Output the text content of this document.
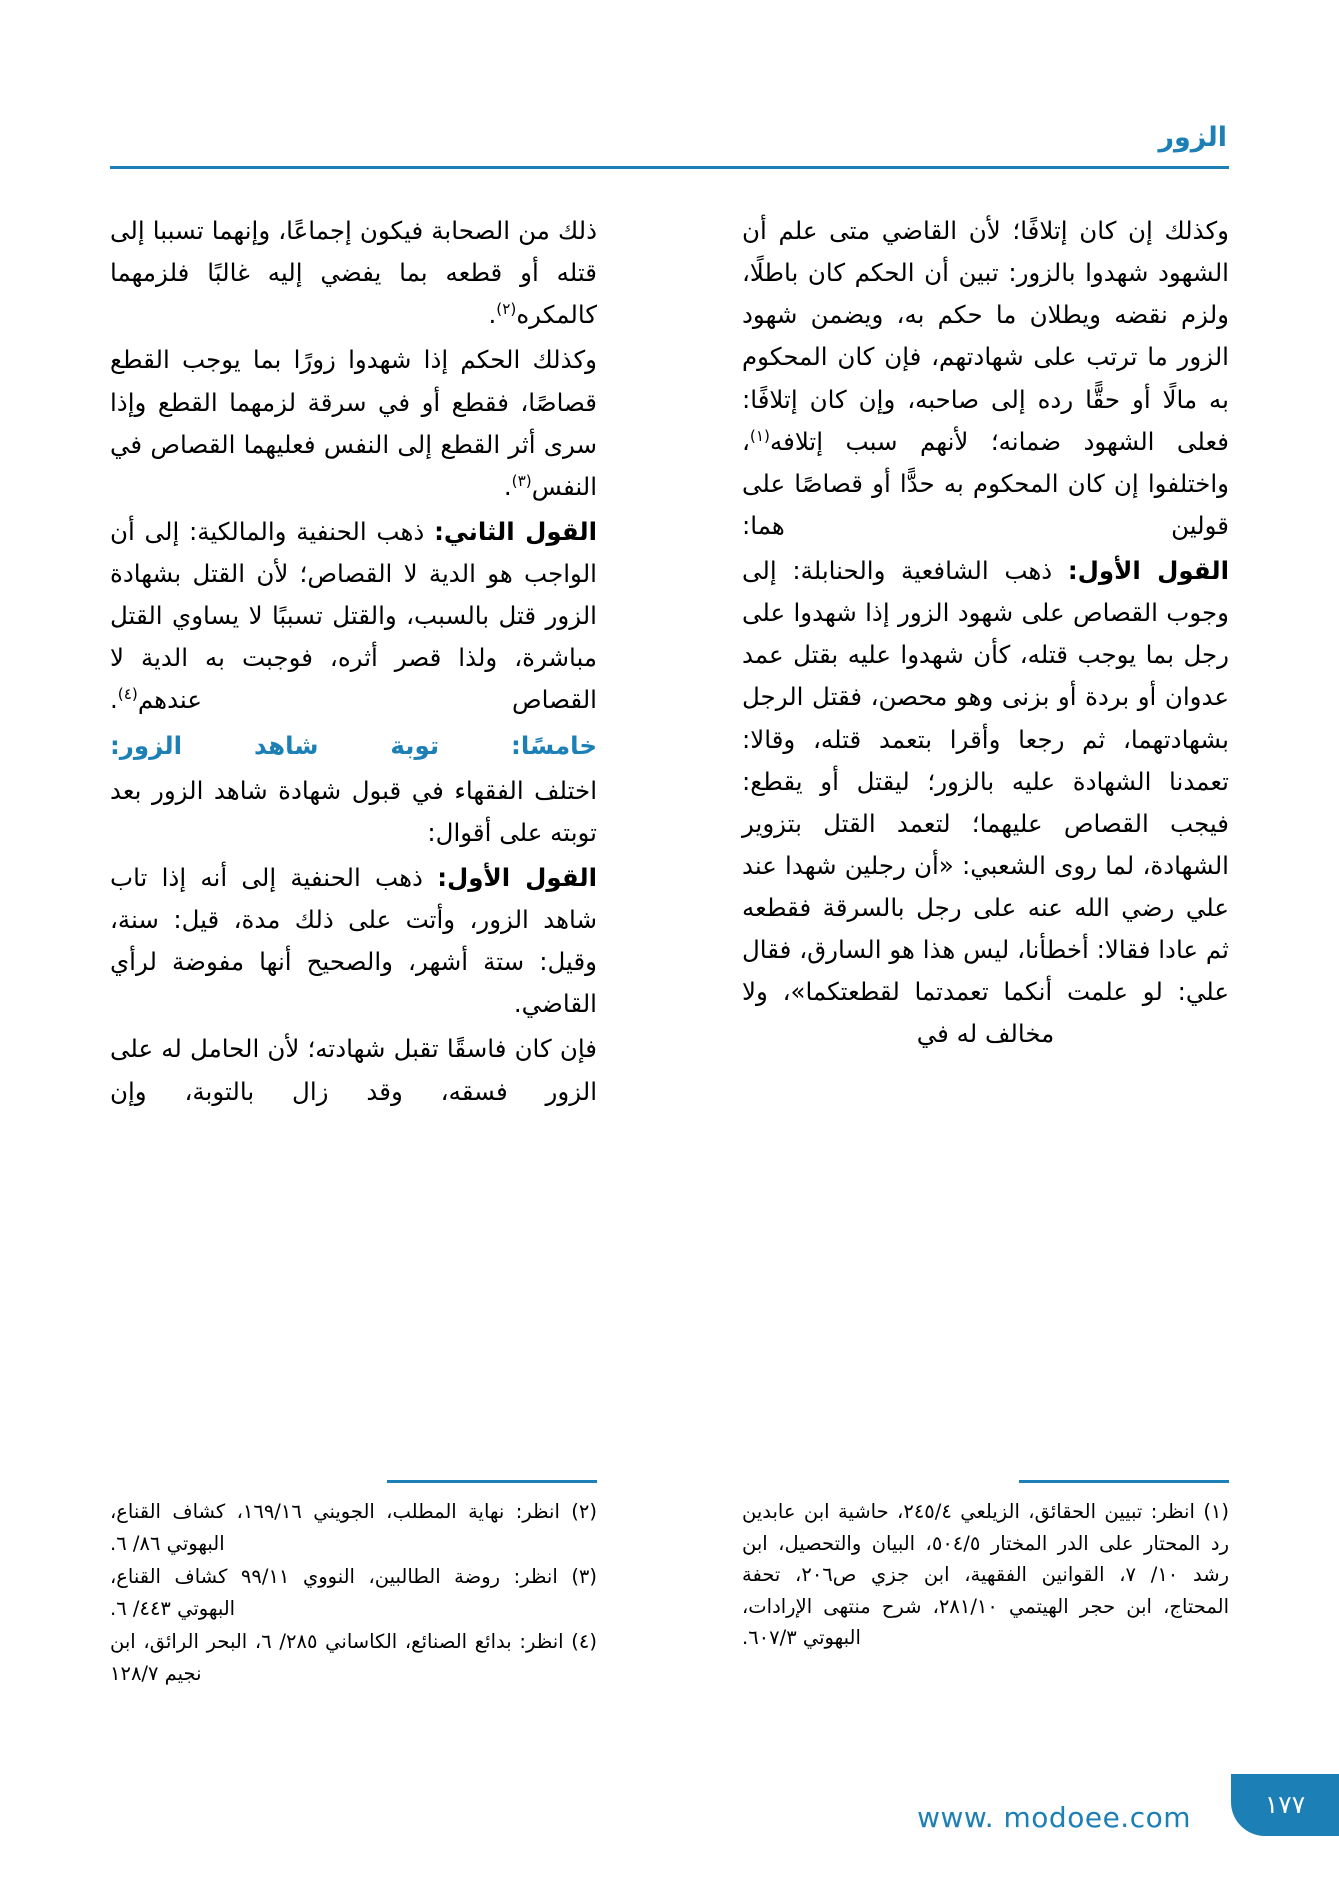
الزور

وكذلك إن كان إتلافًا؛ لأن القاضي متى علم أن الشهود شهدوا بالزور: تبين أن الحكم كان باطلًا، ولزم نقضه ويطلان ما حكم به، ويضمن شهود الزور ما ترتب على شهادتهم، فإن كان المحكوم به مالًا أو حقًّا رده إلى صاحبه، وإن كان إتلافًا: فعلى الشهود ضمانه؛ لأنهم سبب إتلافه$^{(١)}$، واختلفوا إن كان المحكوم به حدًّا أو قصاصًا على قولين هما:

القول الأول: ذهب الشافعية والحنابلة: إلى وجوب القصاص على شهود الزور إذا شهدوا على رجل بما يوجب قتله، كأن شهدوا عليه بقتل عمد عدوان أو بردة أو بزنى وهو محصن، فقتل الرجل بشهادتهما، ثم رجعا وأقرا بتعمد قتله، وقالا: تعمدنا الشهادة عليه بالزور؛ ليقتل أو يقطع: فيجب القصاص عليهما؛ لتعمد القتل بتزوير الشهادة، لما روى الشعبي: «أن رجلين شهدا عند علي رضي الله عنه على رجل بالسرقة فقطعه ثم عادا فقالا: أخطأنا، ليس هذا هو السارق، فقال علي: لو علمت أنكما تعمدتما لقطعتكما»، ولا مخالف له في

ذلك من الصحابة فيكون إجماعًا، وإنهما تسببا إلى قتله أو قطعه بما يفضي إليه غالبًا فلزمهما كالمكره$^{(٢)}$.

وكذلك الحكم إذا شهدوا زورًا بما يوجب القطع قصاصًا، فقطع أو في سرقة لزمهما القطع وإذا سرى أثر القطع إلى النفس فعليهما القصاص في النفس$^{(٣)}$.

القول الثاني: ذهب الحنفية والمالكية: إلى أن الواجب هو الدية لا القصاص؛ لأن القتل بشهادة الزور قتل بالسبب، والقتل تسببًا لا يساوي القتل مباشرة، ولذا قصر أثره، فوجبت به الدية لا القصاص عندهم$^{(٤)}$.

خامسًا: توبة شاهد الزور:

اختلف الفقهاء في قبول شهادة شاهد الزور بعد توبته على أقوال:

القول الأول: ذهب الحنفية إلى أنه إذا تاب شاهد الزور، وأتت على ذلك مدة، قيل: سنة، وقيل: ستة أشهر، والصحيح أنها مفوضة لرأي القاضي.

فإن كان فاسقًا تقبل شهادته؛ لأن الحامل له على الزور فسقه، وقد زال بالتوبة، وإن

(١) انظر: تبيين الحقائق، الزيلعي ٢٤٥/٤، حاشية ابن عابدين رد المحتار على الدر المختار ٥٠٤/٥، البيان والتحصيل، ابن رشد ١٠/ ٧، القوانين الفقهية، ابن جزي ص٢٠٦، تحفة المحتاج، ابن حجر الهيتمي ٢٨١/١٠، شرح منتهى الإرادات، البهوتي ٦٠٧/٣.

(٢) انظر: نهاية المطلب، الجويني ١٦٩/١٦، كشاف القناع، البهوتي ٨٦/ ٦.

(٣) انظر: روضة الطالبين، النووي ٩٩/١١ كشاف القناع، البهوتي ٤٤٣/ ٦.

(٤) انظر: بدائع الصنائع، الكاساني ٢٨٥/ ٦، البحر الرائق، ابن نجيم ١٢٨/٧

١٧٧
www. modoee.com
